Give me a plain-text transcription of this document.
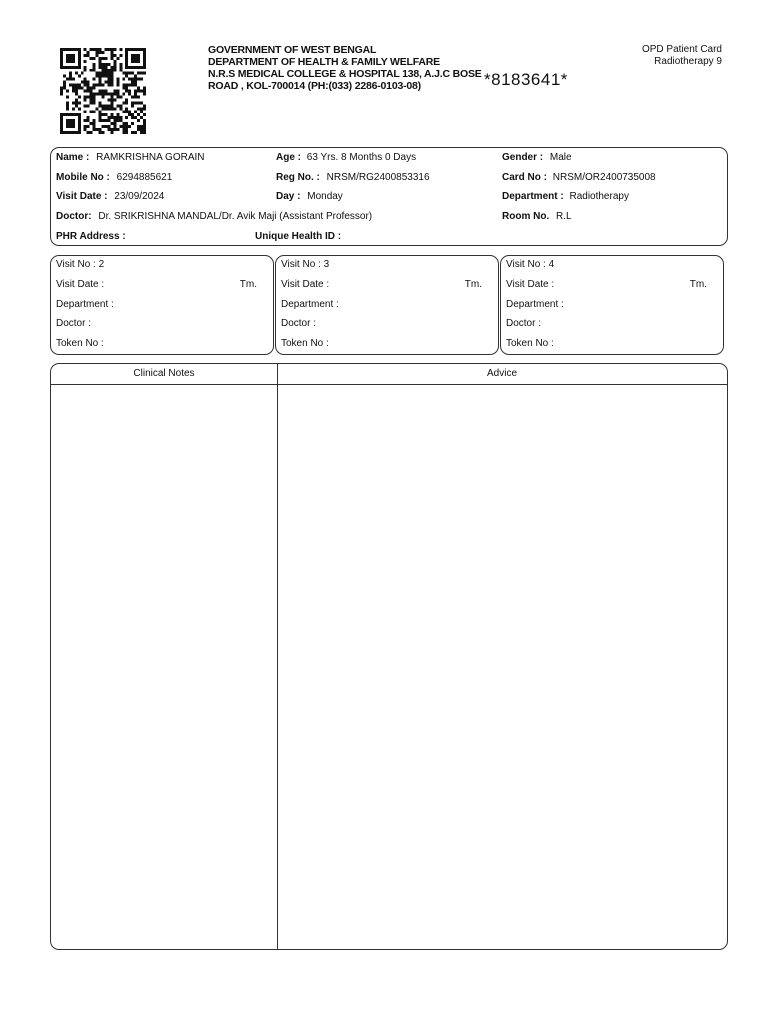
GOVERNMENT OF WEST BENGAL
DEPARTMENT OF HEALTH & FAMILY WELFARE
N.R.S MEDICAL COLLEGE & HOSPITAL 138, A.J.C BOSE
ROAD , KOL-700014 (PH:(033) 2286-0103-08)	*8183641*
OPD Patient Card
Radiotherapy 9
Name : RAMKRISHNA GORAIN	Age : 63 Yrs. 8 Months 0 Days	Gender : Male
Mobile No : 6294885621	Reg No. : NRSM/RG2400853316	Card No : NRSM/OR2400735008
Visit Date : 23/09/2024	Day : Monday	Department : Radiotherapy
Doctor: Dr. SRIKRISHNA MANDAL/Dr. Avik Maji (Assistant Professor)	Room No. R.L
PHR Address :	Unique Health ID :
Visit No : 2
Visit Date :	Tm.
Department :
Doctor :
Token No :
Visit No : 3
Visit Date :	Tm.
Department :
Doctor :
Token No :
Visit No : 4
Visit Date :	Tm.
Department :
Doctor :
Token No :
Clinical Notes	Advice
